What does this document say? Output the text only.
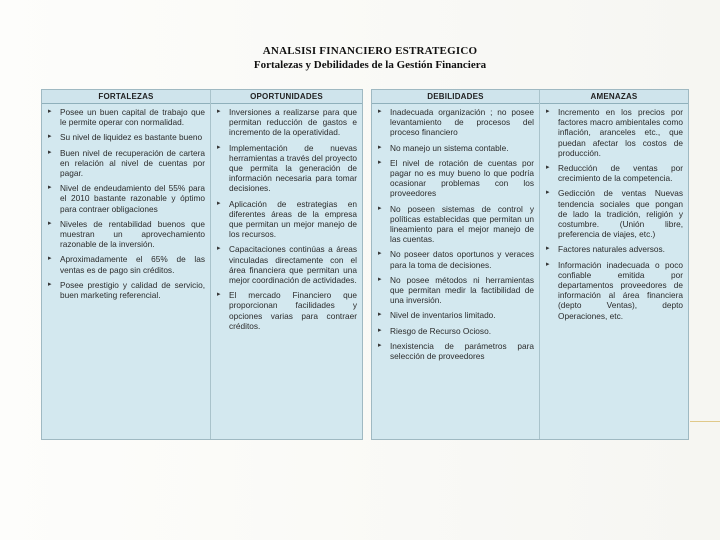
ANALSISI FINANCIERO ESTRATEGICO
Fortalezas y Debilidades de la Gestión Financiera
FORTALEZAS
▸ Posee un buen capital de trabajo que le permite operar con normalidad.
▸ Su nivel de liquidez es bastante bueno
▸ Buen nivel de recuperación de cartera en relación al nivel de cuentas por pagar.
▸ Nivel de endeudamiento del 55% para el 2010 bastante razonable y óptimo para contraer obligaciones
▸ Niveles de rentabilidad buenos que muestran un aprovechamiento razonable de la inversión.
▸ Aproximadamente el 65% de las ventas es de pago sin créditos.
▸ Posee prestigio y calidad de servicio, buen marketing referencial.
OPORTUNIDADES
▸ Inversiones a realizarse para que permitan reducción de gastos e incremento de la operatividad.
▸ Implementación de nuevas herramientas a través del proyecto que permita la generación de información necesaria para tomar decisiones.
▸ Aplicación de estrategias en diferentes áreas de la empresa que permitan un mejor manejo de los recursos.
▸ Capacitaciones continúas a áreas vinculadas directamente con el área financiera que permitan una mejor coordinación de actividades.
▸ El mercado Financiero que proporcionan facilidades y opciones varias para contraer créditos.
DEBILIDADES
▸ Inadecuada organización ; no posee levantamiento de procesos del proceso financiero
▸ No manejo un sistema contable.
▸ El nivel de rotación de cuentas por pagar no es muy bueno lo que podría ocasionar problemas con los proveedores
▸ No poseen sistemas de control y políticas establecidas que permitan un lineamiento para el mejor manejo de las cuentas.
▸ No poseer datos oportunos y veraces para la toma de decisiones.
▸ No posee métodos ni herramientas que permitan medir la factibilidad de una inversión.
▸ Nivel de inventarios limitado.
▸ Riesgo de Recurso Ocioso.
▸ Inexistencia de parámetros para selección de proveedores
AMENAZAS
▸ Incremento en los precios por factores macro ambientales como inflación, aranceles etc., que puedan afectar los costos de producción.
▸ Reducción de ventas por crecimiento de la competencia.
▸ Gedicción de ventas Nuevas tendencia sociales que pongan de lado la tradición, religión y costumbre. (Unión libre, preferencia de viajes, etc.)
▸ Factores naturales adversos.
▸ Información inadecuada o poco confiable emitida por departamentos proveedores de información al área financiera (depto Ventas), depto Operaciones, etc.
